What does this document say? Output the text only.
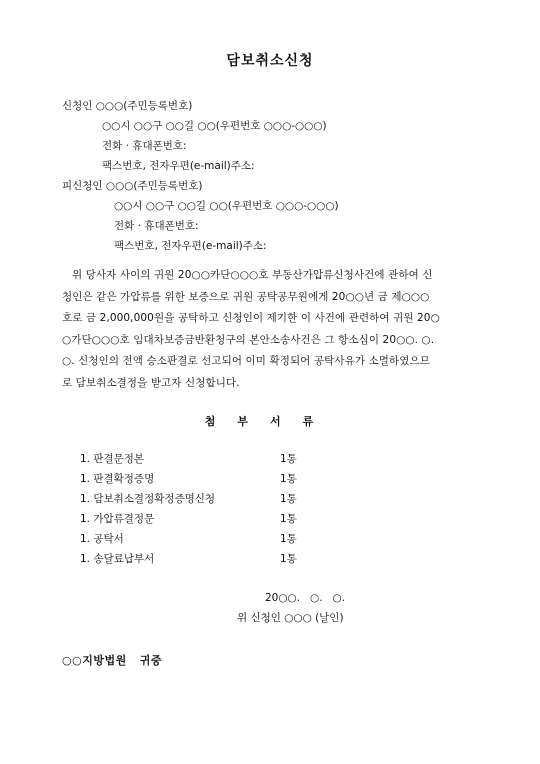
담보취소신청
신청인 ○○○(주민등록번호)
○○시 ○○구 ○○길 ○○(우편번호 ○○○-○○○)
전화 · 휴대폰번호:
팩스번호, 전자우편(e-mail)주소:
피신청인 ○○○(주민등록번호)
○○시 ○○구 ○○길 ○○(우편번호 ○○○-○○○)
전화 · 휴대폰번호:
팩스번호, 전자우편(e-mail)주소:
위 당사자 사이의 귀원 20○○카단○○○호 부동산가압류신청사건에 관하여 신
청인은 같은 가압류를 위한 보증으로 귀원 공탁공무원에게 20○○년 금 제○○○
호로 금 2,000,000원을 공탁하고 신청인이 제기한 이 사건에 관련하여 귀원 20○
○가단○○○호 임대차보증금반환청구의 본안소송사건은 그 항소심이 20○○. ○.
○. 신청인의 전액 승소판결로 선고되어 이미 확정되어 공탁사유가 소멸하였으므
로 담보취소결정을 받고자 신청합니다.
첨부서류
1. 판결문정본	1통
1. 판결확정증명	1통
1. 담보취소결정확정증명신청	1통
1. 가압류결정문	1통
1. 공탁서	1통
1. 송달료납부서	1통
20○○.   ○.   ○.
위 신청인 ○○○ (날인)
○○지방법원   귀중
